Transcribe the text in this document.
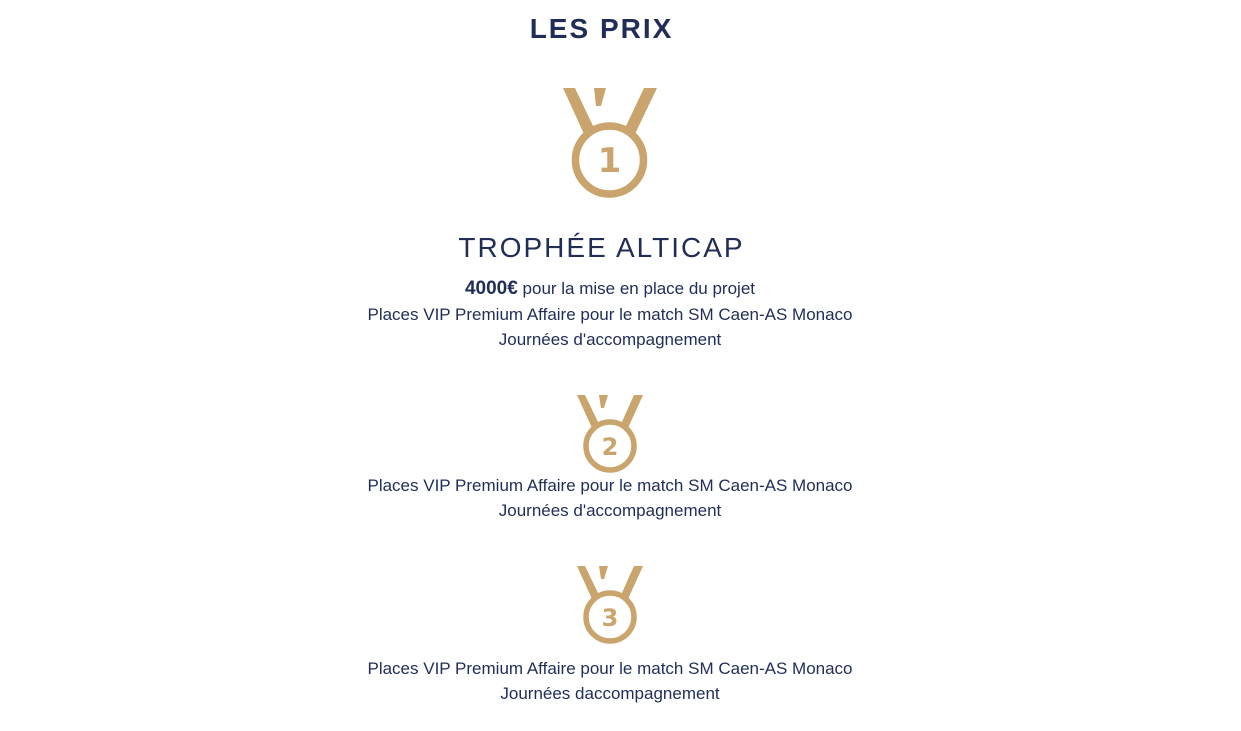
LES PRIX
1
TROPHÉE ALTICAP

4000€ pour la mise en place du projet

Places VIP Premium Affaire pour le match SM Caen-AS Monaco

Journées d'accompagnement

2

Places VIP Premium Affaire pour le match SM Caen-AS Monaco

Journées d'accompagnement

3

Places VIP Premium Affaire pour le match SM Caen-AS Monaco

Journées daccompagnement
